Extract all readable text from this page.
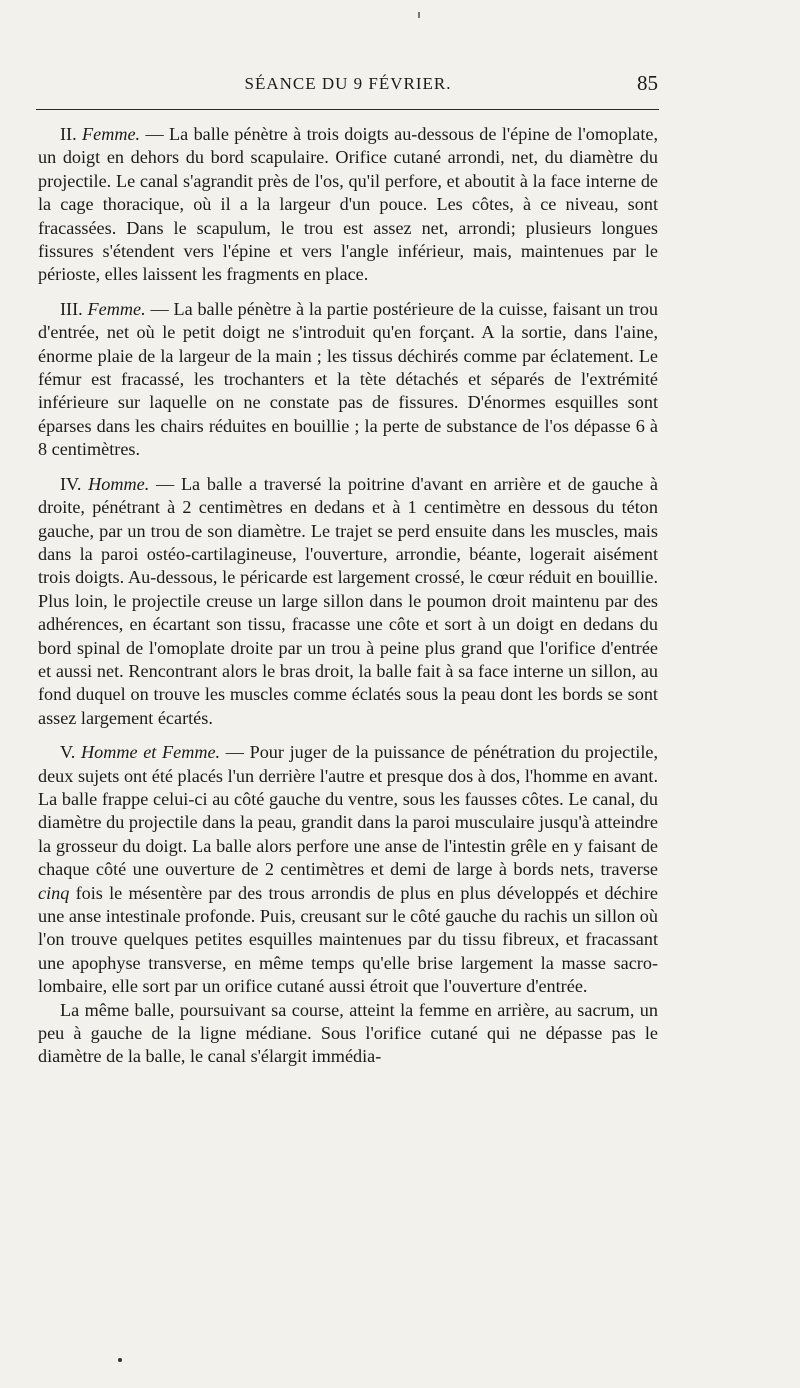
SÉANCE DU 9 FÉVRIER.	85

II. Femme. — La balle pénètre à trois doigts au-dessous de l'épine de l'omoplate, un doigt en dehors du bord scapulaire. Orifice cutané arrondi, net, du diamètre du projectile. Le canal s'agrandit près de l'os, qu'il perfore, et aboutit à la face interne de la cage thoracique, où il a la largeur d'un pouce. Les côtes, à ce niveau, sont fracassées. Dans le scapulum, le trou est assez net, arrondi; plusieurs longues fissures s'étendent vers l'épine et vers l'angle inférieur, mais, maintenues par le périoste, elles laissent les fragments en place.

III. Femme. — La balle pénètre à la partie postérieure de la cuisse, faisant un trou d'entrée, net où le petit doigt ne s'introduit qu'en forçant. A la sortie, dans l'aine, énorme plaie de la largeur de la main ; les tissus déchirés comme par éclatement. Le fémur est fracassé, les trochanters et la tète détachés et séparés de l'extrémité inférieure sur laquelle on ne constate pas de fissures. D'énormes esquilles sont éparses dans les chairs réduites en bouillie ; la perte de substance de l'os dépasse 6 à 8 centimètres.

IV. Homme. — La balle a traversé la poitrine d'avant en arrière et de gauche à droite, pénétrant à 2 centimètres en dedans et à 1 centimètre en dessous du téton gauche, par un trou de son diamètre. Le trajet se perd ensuite dans les muscles, mais dans la paroi ostéo-cartilagineuse, l'ouverture, arrondie, béante, logerait aisément trois doigts. Au-dessous, le péricarde est largement crossé, le cœur réduit en bouillie. Plus loin, le projectile creuse un large sillon dans le poumon droit maintenu par des adhérences, en écartant son tissu, fracasse une côte et sort à un doigt en dedans du bord spinal de l'omoplate droite par un trou à peine plus grand que l'orifice d'entrée et aussi net. Rencontrant alors le bras droit, la balle fait à sa face interne un sillon, au fond duquel on trouve les muscles comme éclatés sous la peau dont les bords se sont assez largement écartés.

V. Homme et Femme. — Pour juger de la puissance de pénétration du projectile, deux sujets ont été placés l'un derrière l'autre et presque dos à dos, l'homme en avant. La balle frappe celui-ci au côté gauche du ventre, sous les fausses côtes. Le canal, du diamètre du projectile dans la peau, grandit dans la paroi musculaire jusqu'à atteindre la grosseur du doigt. La balle alors perfore une anse de l'intestin grêle en y faisant de chaque côté une ouverture de 2 centimètres et demi de large à bords nets, traverse cinq fois le mésentère par des trous arrondis de plus en plus développés et déchire une anse intestinale profonde. Puis, creusant sur le côté gauche du rachis un sillon où l'on trouve quelques petites esquilles maintenues par du tissu fibreux, et fracassant une apophyse transverse, en même temps qu'elle brise largement la masse sacro-lombaire, elle sort par un orifice cutané aussi étroit que l'ouverture d'entrée.

La même balle, poursuivant sa course, atteint la femme en arrière, au sacrum, un peu à gauche de la ligne médiane. Sous l'orifice cutané qui ne dépasse pas le diamètre de la balle, le canal s'élargit immédia-
